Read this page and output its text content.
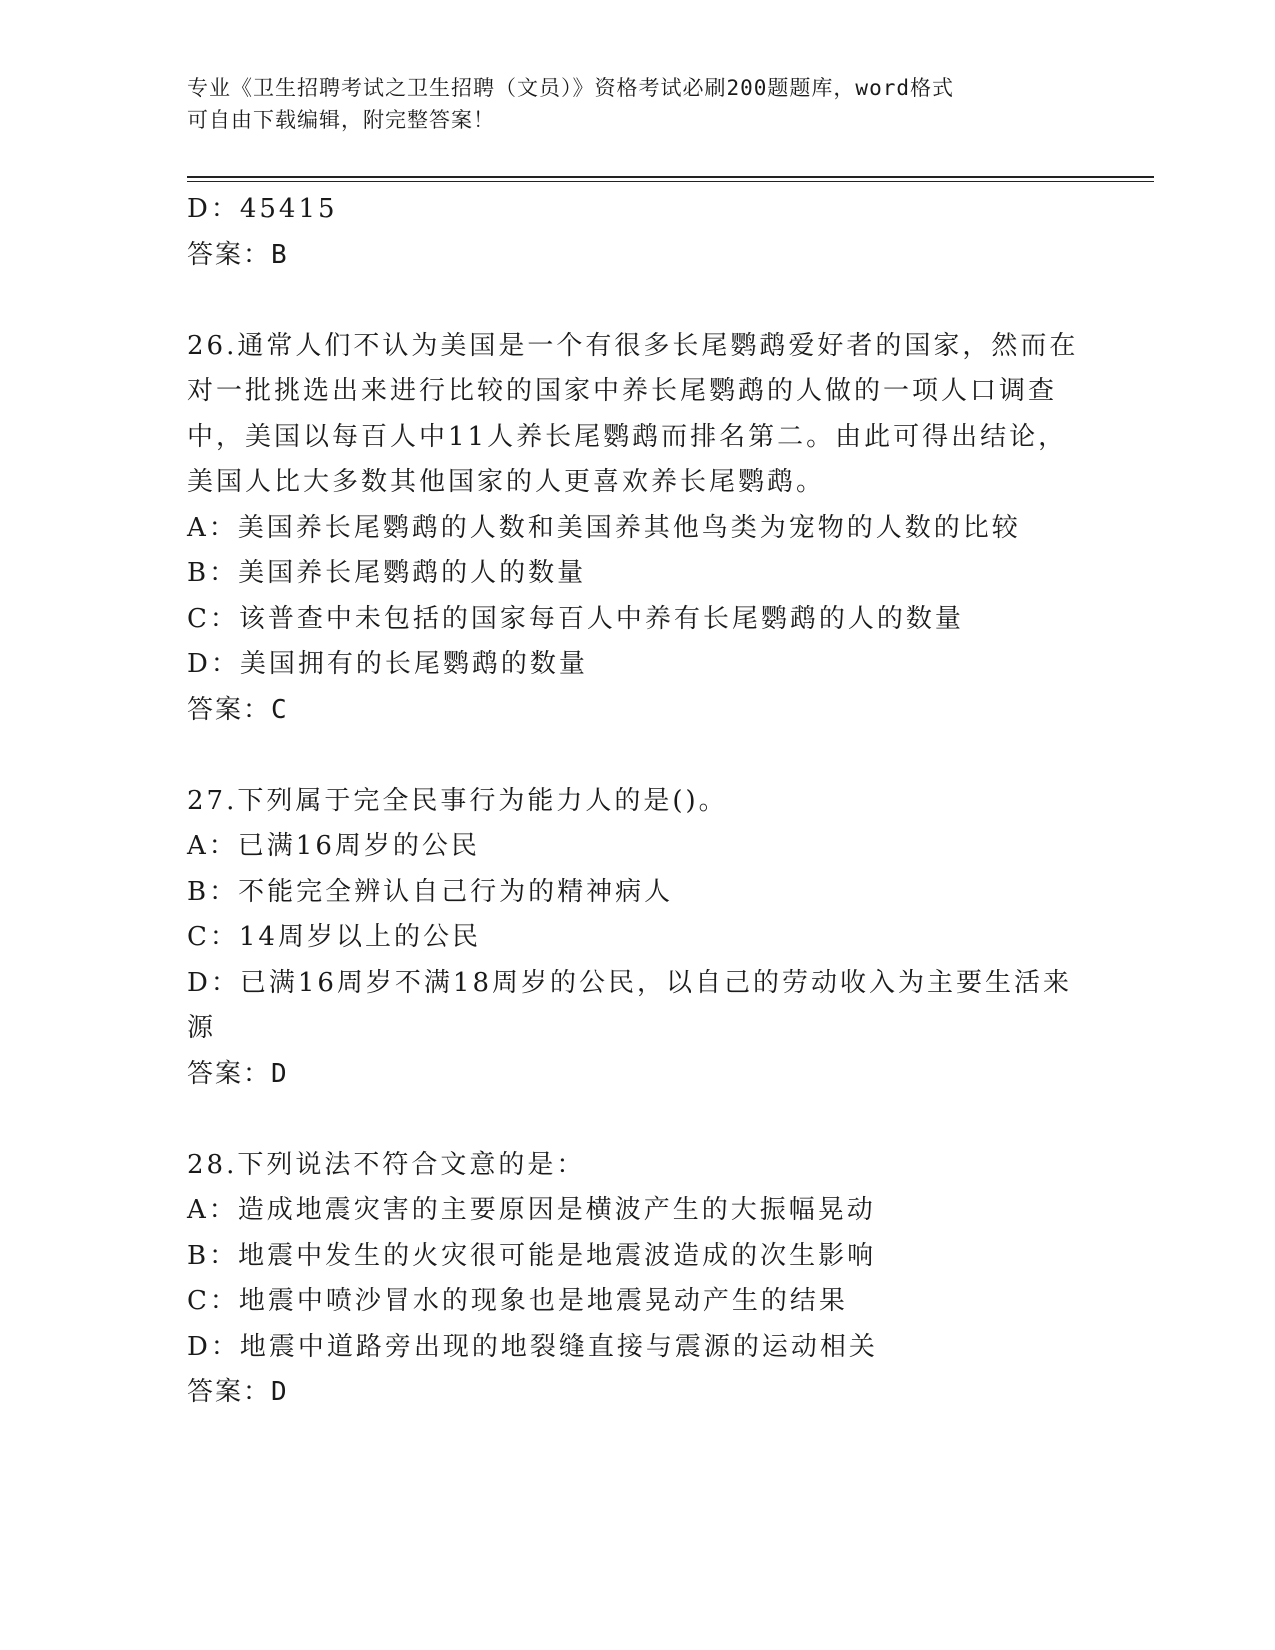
专业《卫生招聘考试之卫生招聘（文员）》资格考试必刷200题题库，word格式
可自由下载编辑，附完整答案！
D：45415
答案：B
26.通常人们不认为美国是一个有很多长尾鹦鹉爱好者的国家，然而在
对一批挑选出来进行比较的国家中养长尾鹦鹉的人做的一项人口调查
中，美国以每百人中11人养长尾鹦鹉而排名第二。由此可得出结论，
美国人比大多数其他国家的人更喜欢养长尾鹦鹉。
A：美国养长尾鹦鹉的人数和美国养其他鸟类为宠物的人数的比较
B：美国养长尾鹦鹉的人的数量
C：该普查中未包括的国家每百人中养有长尾鹦鹉的人的数量
D：美国拥有的长尾鹦鹉的数量
答案：C
27.下列属于完全民事行为能力人的是()。
A：已满16周岁的公民
B：不能完全辨认自己行为的精神病人
C：14周岁以上的公民
D：已满16周岁不满18周岁的公民，以自己的劳动收入为主要生活来
源
答案：D
28.下列说法不符合文意的是：
A：造成地震灾害的主要原因是横波产生的大振幅晃动
B：地震中发生的火灾很可能是地震波造成的次生影响
C：地震中喷沙冒水的现象也是地震晃动产生的结果
D：地震中道路旁出现的地裂缝直接与震源的运动相关
答案：D
